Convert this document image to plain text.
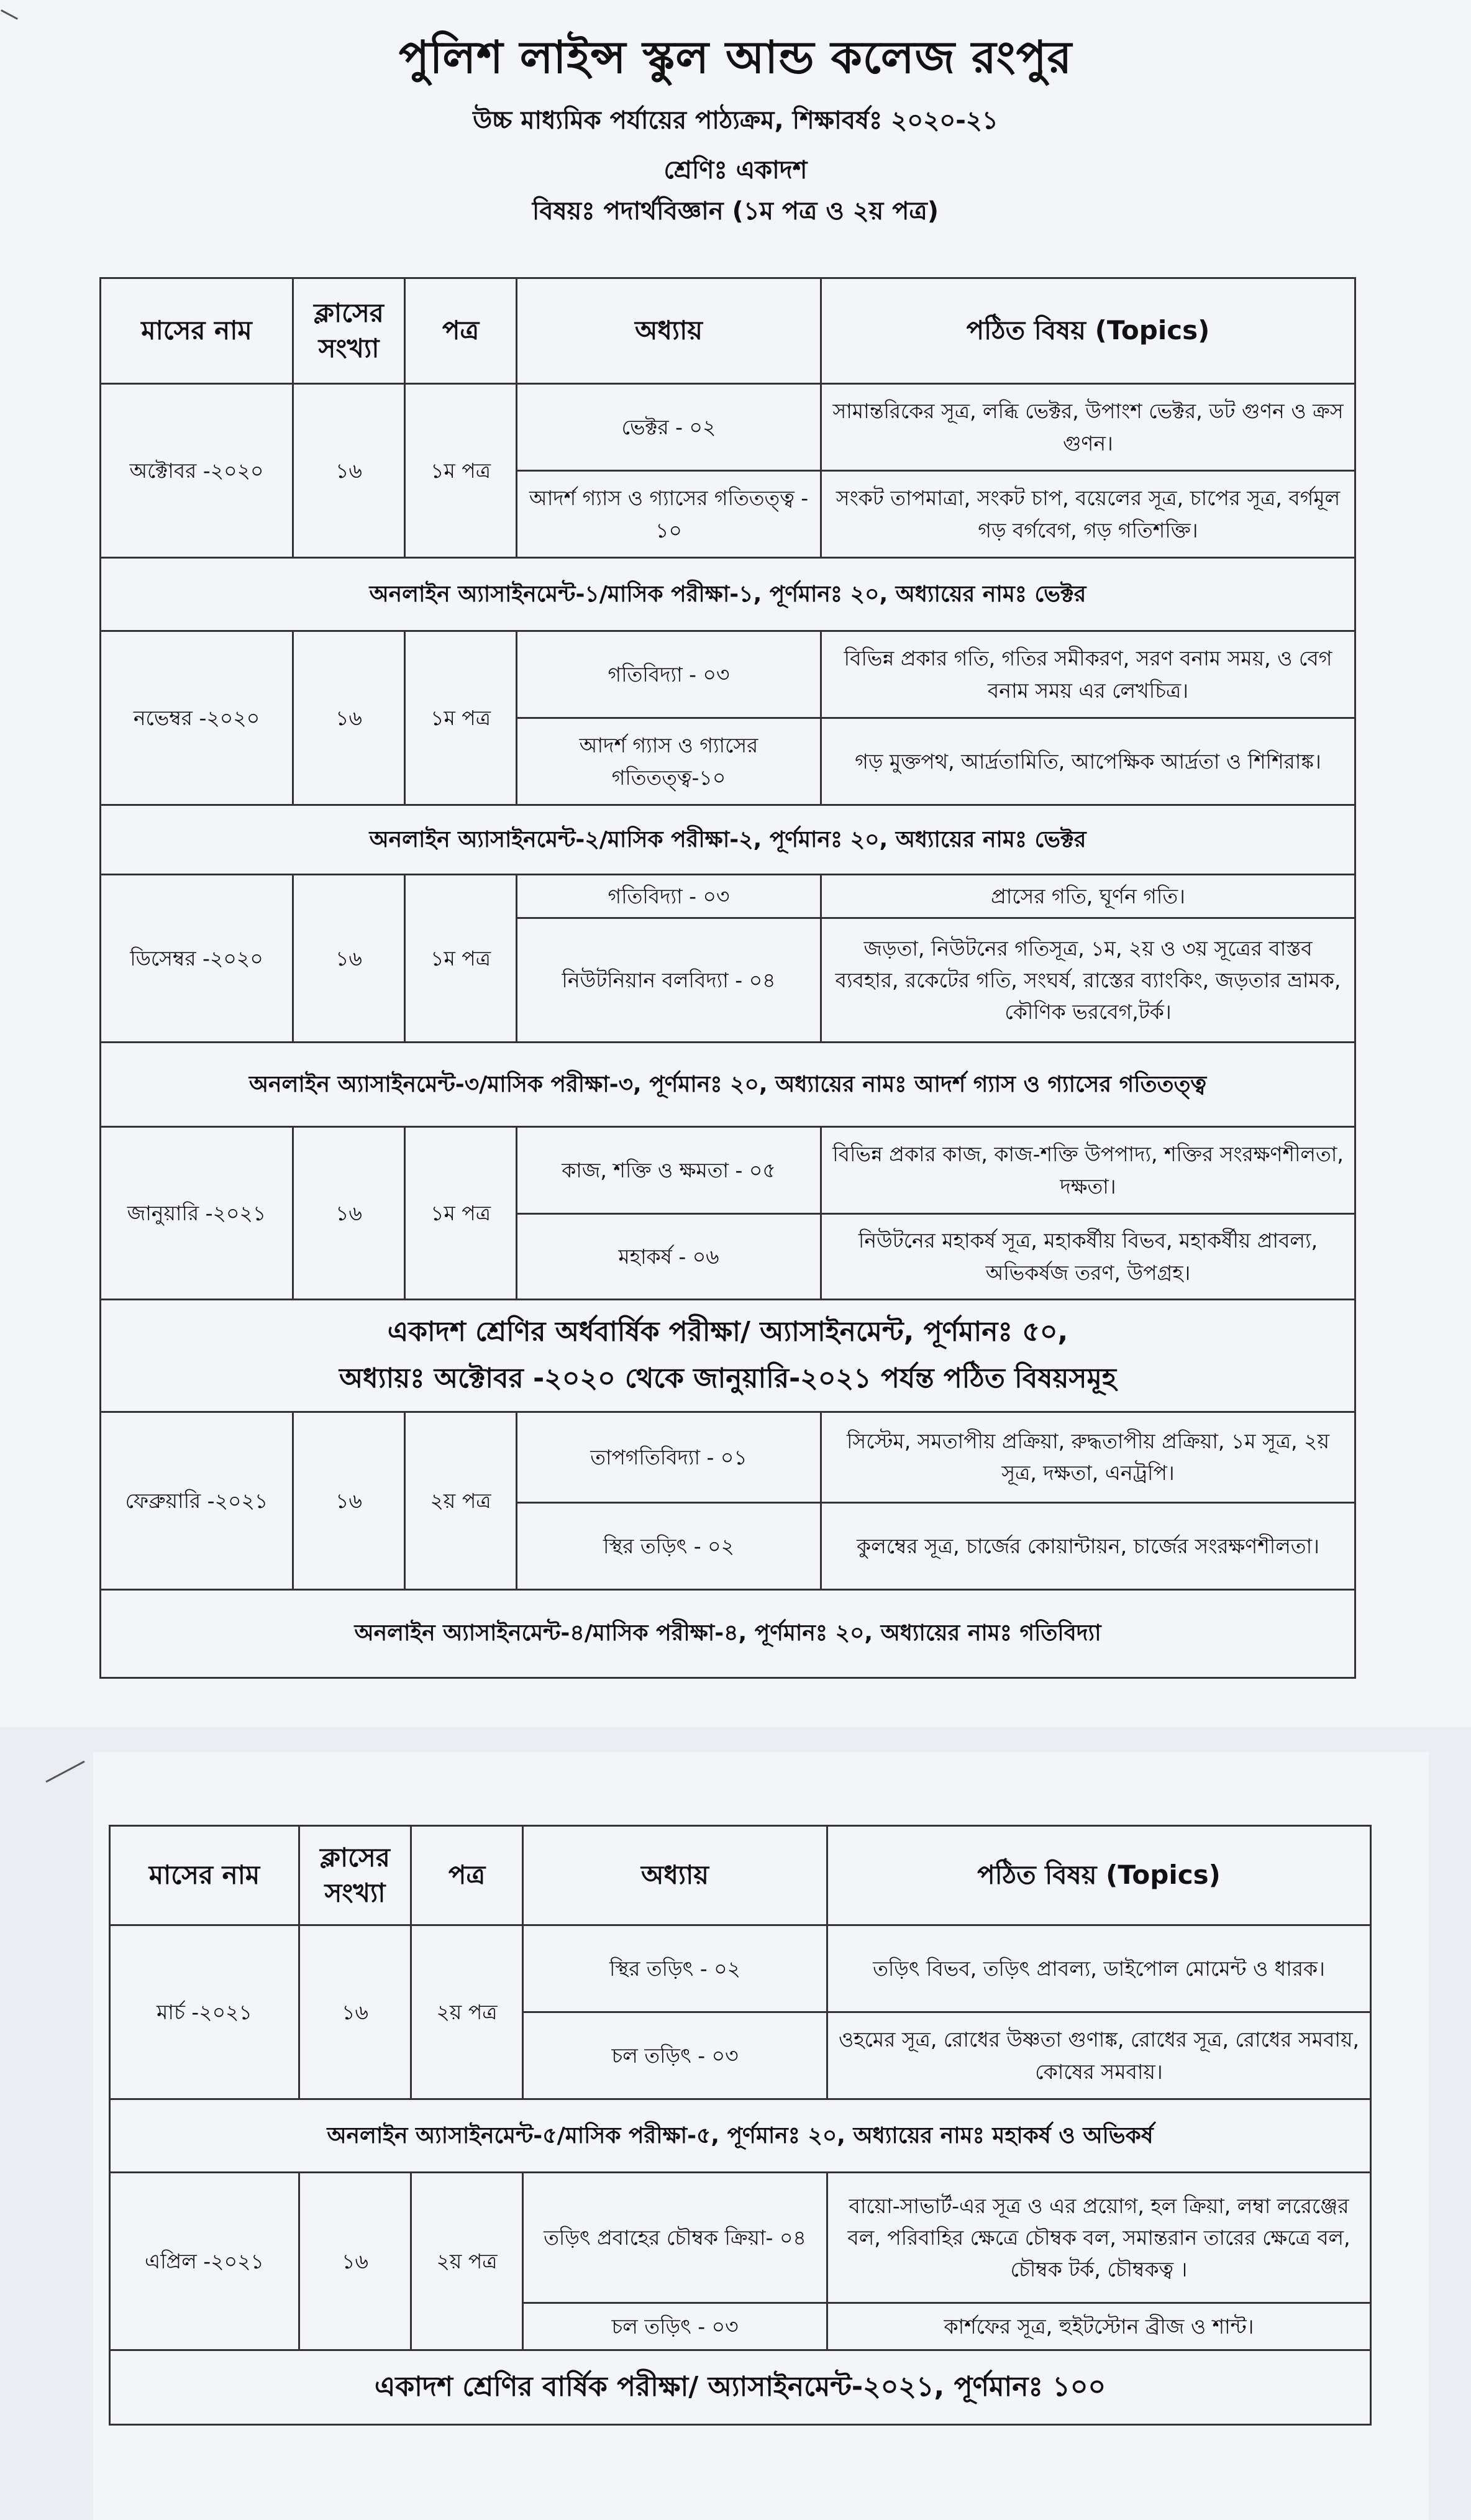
পুলিশ লাইন্স স্কুল আন্ড কলেজ রংপুর
উচ্চ মাধ্যমিক পর্যায়ের পাঠ্যক্রম, শিক্ষাবর্ষঃ ২০২০-২১
শ্রেণিঃ একাদশ
বিষয়ঃ পদার্থবিজ্ঞান (১ম পত্র ও ২য় পত্র)
মাসের নাম	ক্লাসের সংখ্যা	পত্র	অধ্যায়	পঠিত বিষয় (Topics)
অক্টোবর -২০২০	১৬	১ম পত্র	ভেক্টর - ০২	সামান্তরিকের সূত্র, লব্ধি ভেক্টর, উপাংশ ভেক্টর, ডট গুণন ও ক্রস গুণন।
			আদর্শ গ্যাস ও গ্যাসের গতিতত্ত্ব - ১০	সংকট তাপমাত্রা, সংকট চাপ, বয়েলের সূত্র, চাপের সূত্র, বর্গমূল গড় বর্গবেগ, গড় গতিশক্তি।
অনলাইন অ্যাসাইনমেন্ট-১/মাসিক পরীক্ষা-১, পূর্ণমানঃ ২০, অধ্যায়ের নামঃ ভেক্টর				
নভেম্বর -২০২০	১৬	১ম পত্র	গতিবিদ্যা - ০৩	বিভিন্ন প্রকার গতি, গতির সমীকরণ, সরণ বনাম সময়, ও বেগ বনাম সময় এর লেখচিত্র।
			আদর্শ গ্যাস ও গ্যাসের গতিতত্ত্ব-১০	গড় মুক্তপথ, আর্দ্রতামিতি, আপেক্ষিক আর্দ্রতা ও শিশিরাঙ্ক।
অনলাইন অ্যাসাইনমেন্ট-২/মাসিক পরীক্ষা-২, পূর্ণমানঃ ২০, অধ্যায়ের নামঃ ভেক্টর				
ডিসেম্বর -২০২০	১৬	১ম পত্র	গতিবিদ্যা - ০৩	প্রাসের গতি, ঘূর্ণন গতি।
			নিউটনিয়ান বলবিদ্যা - ০৪	জড়তা, নিউটনের গতিসূত্র, ১ম, ২য় ও ৩য় সূত্রের বাস্তব ব্যবহার, রকেটের গতি, সংঘর্ষ, রাস্তের ব্যাংকিং, জড়তার ভ্রামক, কৌণিক ভরবেগ,টর্ক।
অনলাইন অ্যাসাইনমেন্ট-৩/মাসিক পরীক্ষা-৩, পূর্ণমানঃ ২০, অধ্যায়ের নামঃ আদর্শ গ্যাস ও গ্যাসের গতিতত্ত্ব				
জানুয়ারি -২০২১	১৬	১ম পত্র	কাজ, শক্তি ও ক্ষমতা - ০৫	বিভিন্ন প্রকার কাজ, কাজ-শক্তি উপপাদ্য, শক্তির সংরক্ষণশীলতা, দক্ষতা।
			মহাকর্ষ - ০৬	নিউটনের মহাকর্ষ সূত্র, মহাকর্ষীয় বিভব, মহাকর্ষীয় প্রাবল্য, অভিকর্ষজ তরণ, উপগ্রহ।

একাদশ শ্রেণির অর্ধবার্ষিক পরীক্ষা/ অ্যাসাইনমেন্ট, পূর্ণমানঃ ৫০,
অধ্যায়ঃ অক্টোবর -২০২০ থেকে জানুয়ারি-২০২১ পর্যন্ত পঠিত বিষয়সমূহ				

ফেব্রুয়ারি -২০২১	১৬	২য় পত্র	তাপগতিবিদ্যা - ০১	সিস্টেম, সমতাপীয় প্রক্রিয়া, রুদ্ধতাপীয় প্রক্রিয়া, ১ম সূত্র, ২য় সূত্র, দক্ষতা, এনট্রপি।
			স্থির তড়িৎ - ০২	কুলম্বের সূত্র, চার্জের কোয়ান্টায়ন, চার্জের সংরক্ষণশীলতা।
অনলাইন অ্যাসাইনমেন্ট-৪/মাসিক পরীক্ষা-৪, পূর্ণমানঃ ২০, অধ্যায়ের নামঃ গতিবিদ্যা				
মাসের নাম	ক্লাসের সংখ্যা	পত্র	অধ্যায়	পঠিত বিষয় (Topics)
মার্চ -২০২১	১৬	২য় পত্র	স্থির তড়িৎ - ০২	তড়িৎ বিভব, তড়িৎ প্রাবল্য, ডাইপোল মোমেন্ট ও ধারক।
			চল তড়িৎ - ০৩	ওহমের সূত্র, রোধের উষ্ণতা গুণাঙ্ক, রোধের সূত্র, রোধের সমবায়, কোষের সমবায়।
অনলাইন অ্যাসাইনমেন্ট-৫/মাসিক পরীক্ষা-৫, পূর্ণমানঃ ২০, অধ্যায়ের নামঃ মহাকর্ষ ও অভিকর্ষ				
এপ্রিল -২০২১	১৬	২য় পত্র	তড়িৎ প্রবাহের চৌম্বক ক্রিয়া- ০৪	বায়ো-সাভার্ট-এর সূত্র ও এর প্রয়োগ, হল ক্রিয়া, লম্বা লরেঞ্জের বল, পরিবাহির ক্ষেত্রে চৌম্বক বল, সমান্তরান তারের ক্ষেত্রে বল, চৌম্বক টর্ক, চৌম্বকত্ব ।
			চল তড়িৎ - ০৩	কার্শফের সূত্র, হুইটস্টোন ব্রীজ ও শান্ট।
একাদশ শ্রেণির বার্ষিক পরীক্ষা/ অ্যাসাইনমেন্ট-২০২১, পূর্ণমানঃ ১০০				
